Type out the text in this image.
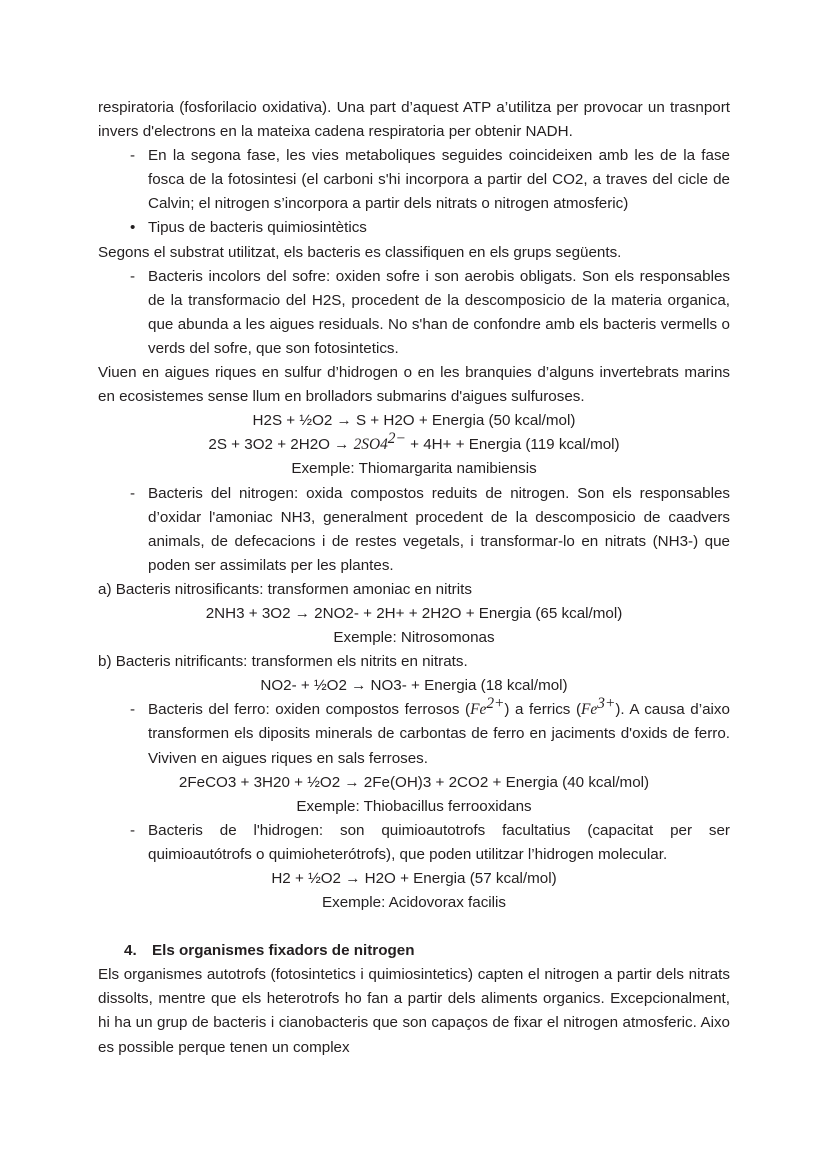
respiratoria (fosforilacio oxidativa). Una part d’aquest ATP a’utilitza per provocar un trasnport invers d'electrons en la mateixa cadena respiratoria per obtenir NADH.

- En la segona fase, les vies metaboliques seguides coincideixen amb les de la fase fosca de la fotosintesi (el carboni s'hi incorpora a partir del CO2, a traves del cicle de Calvin; el nitrogen s’incorpora a partir dels nitrats o nitrogen atmosferic)
• Tipus de bacteris quimiosintètics

Segons el substrat utilitzat, els bacteris es classifiquen en els grups següents.

- Bacteris incolors del sofre: oxiden sofre i son aerobis obligats. Son els responsables de la transformacio del H2S, procedent de la descomposicio de la materia organica, que abunda a les aigues residuals. No s'han de confondre amb els bacteris vermells o verds del sofre, que son fotosintetics.

Viuen en aigues riques en sulfur d’hidrogen o en les branquies d’alguns invertebrats marins en ecosistemes sense llum en brolladors submarins d'aigues sulfuroses.

H2S + ½O2 → S + H2O + Energia (50 kcal/mol)

$2S + 3O2 + 2H2O \to 2SO4^{2-} + 4H+$ + Energia (119 kcal/mol)

Exemple: Thiomargarita namibiensis

- Bacteris del nitrogen: oxida compostos reduits de nitrogen. Son els responsables d’oxidar l'amoniac NH3, generalment procedent de la descomposicio de caadvers animals, de defecacions i de restes vegetals, i transformar-lo en nitrats (NH3-) que poden ser assimilats per les plantes.

a) Bacteris nitrosificants: transformen amoniac en nitrits

2NH3 + 3O2 → 2NO2- + 2H+ + 2H2O + Energia (65 kcal/mol)

Exemple: Nitrosomonas

b) Bacteris nitrificants: transformen els nitrits en nitrats.

NO2- + ½O2 → NO3- + Energia (18 kcal/mol)

- Bacteris del ferro: oxiden compostos ferrosos $(Fe^{2+})$ a ferrics $(Fe^{3+})$. A causa d’aixo transformen els diposits minerals de carbontas de ferro en jaciments d'oxids de ferro. Viviven en aigues riques en sals ferroses.

2FeCO3 + 3H20 + ½O2 → 2Fe(OH)3 + 2CO2 + Energia (40 kcal/mol)

Exemple: Thiobacillus ferrooxidans

- Bacteris de l'hidrogen: son quimioautotrofs facultatius (capacitat per ser quimioautótrofs o quimioheterótrofs), que poden utilitzar l’hidrogen molecular.

H2 + ½O2 → H2O + Energia (57 kcal/mol)

Exemple: Acidovorax facilis

4. Els organismes fixadors de nitrogen

Els organismes autotrofs (fotosintetics i quimiosintetics) capten el nitrogen a partir dels nitrats dissolts, mentre que els heterotrofs ho fan a partir dels aliments organics. Excepcionalment, hi ha un grup de bacteris i cianobacteris que son capaços de fixar el nitrogen atmosferic. Aixo es possible perque tenen un complex
